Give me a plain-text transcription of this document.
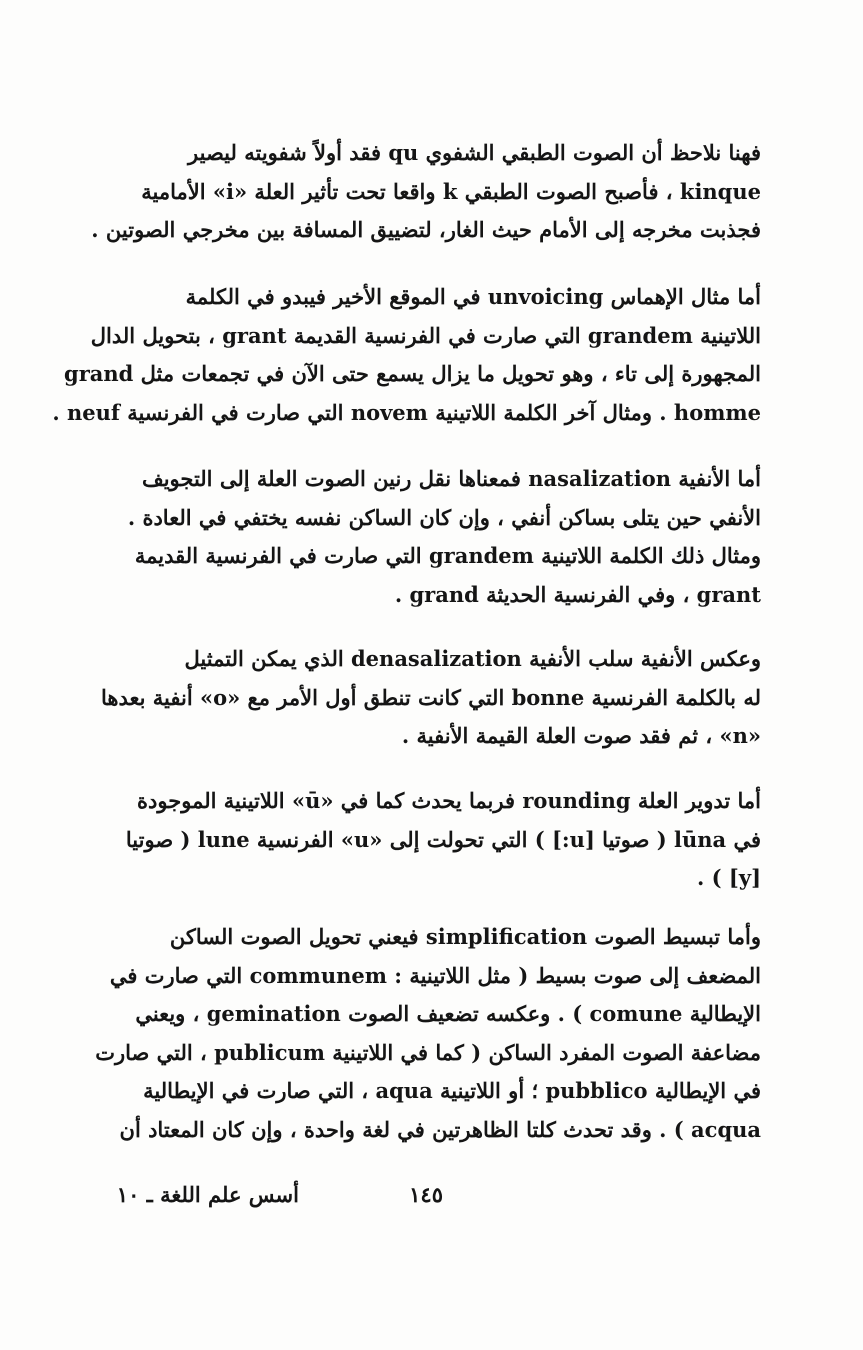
فهنا نلاحظ أن الصوت الطبقي الشفوي qu فقد أولاً شفويته ليصير
kinque ، فأصبح الصوت الطبقي k واقعا تحت تأثير العلة «i» الأمامية
فجذبت مخرجه إلى الأمام حيث الغار، لتضييق المسافة بين مخرجي الصوتين .

أما مثال الإهماس unvoicing في الموقع الأخير فيبدو في الكلمة
اللاتينية grandem التي صارت في الفرنسية القديمة grant ، بتحويل الدال
المجهورة إلى تاء ، وهو تحويل ما يزال يسمع حتى الآن في تجمعات مثل grand
homme . ومثال آخر الكلمة اللاتينية novem التي صارت في الفرنسية neuf .

أما الأنفية nasalization فمعناها نقل رنين الصوت العلة إلى التجويف
الأنفي حين يتلى بساكن أنفي ، وإن كان الساكن نفسه يختفي في العادة .
ومثال ذلك الكلمة اللاتينية grandem التي صارت في الفرنسية القديمة
grant ، وفي الفرنسية الحديثة grand .

وعكس الأنفية سلب الأنفية denasalization الذي يمكن التمثيل
له بالكلمة الفرنسية bonne التي كانت تنطق أول الأمر مع «o» أنفية بعدها
«n» ، ثم فقد صوت العلة القيمة الأنفية .

أما تدوير العلة rounding فربما يحدث كما في «ū» اللاتينية الموجودة
في lūna ( صوتيا [u:] ) التي تحولت إلى «u» الفرنسية lune ( صوتيا
[y] ) .

وأما تبسيط الصوت simplification فيعني تحويل الصوت الساكن
المضعف إلى صوت بسيط ( مثل اللاتينية : communem التي صارت في
الإيطالية comune ) . وعكسه تضعيف الصوت gemination ، ويعني
مضاعفة الصوت المفرد الساكن ( كما في اللاتينية publicum ، التي صارت
في الإيطالية pubblico ؛ أو اللاتينية aqua ، التي صارت في الإيطالية
acqua ) . وقد تحدث كلتا الظاهرتين في لغة واحدة ، وإن كان المعتاد أن

١٤٥
أسس علم اللغة ـ ١٠
